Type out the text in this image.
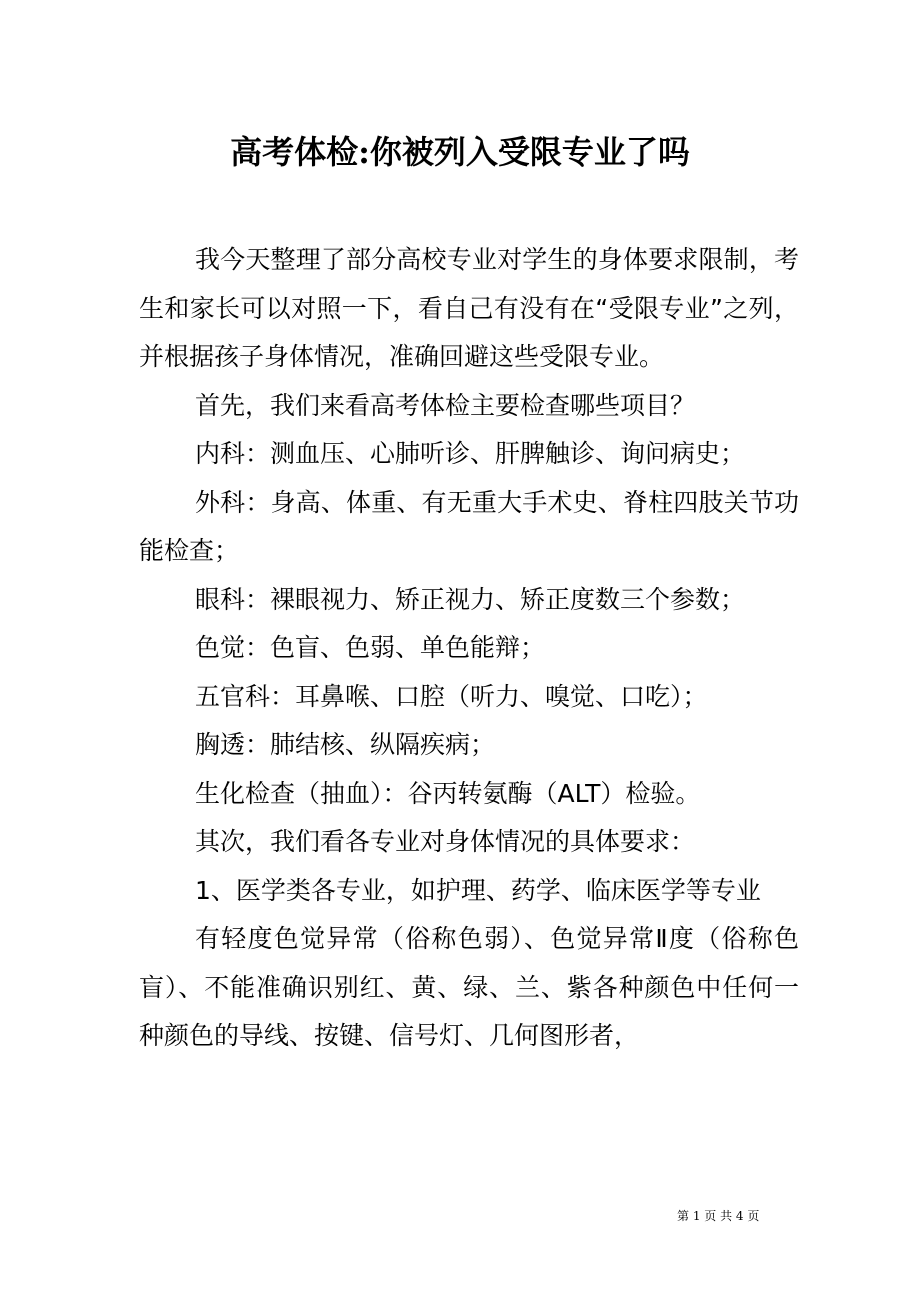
高考体检:你被列入受限专业了吗

我今天整理了部分高校专业对学生的身体要求限制，考生和家长可以对照一下，看自己有没有在“受限专业”之列，并根据孩子身体情况，准确回避这些受限专业。

首先，我们来看高考体检主要检查哪些项目？

内科：测血压、心肺听诊、肝脾触诊、询问病史；

外科：身高、体重、有无重大手术史、脊柱四肢关节功能检查；

眼科：裸眼视力、矫正视力、矫正度数三个参数；

色觉：色盲、色弱、单色能辩；

五官科：耳鼻喉、口腔（听力、嗅觉、口吃）；

胸透：肺结核、纵隔疾病；

生化检查（抽血）：谷丙转氨酶（ALT）检验。

其次，我们看各专业对身体情况的具体要求：

1、医学类各专业，如护理、药学、临床医学等专业

有轻度色觉异常（俗称色弱）、色觉异常Ⅱ度（俗称色盲）、不能准确识别红、黄、绿、兰、紫各种颜色中任何一种颜色的导线、按键、信号灯、几何图形者，

第 1 页 共 4 页
